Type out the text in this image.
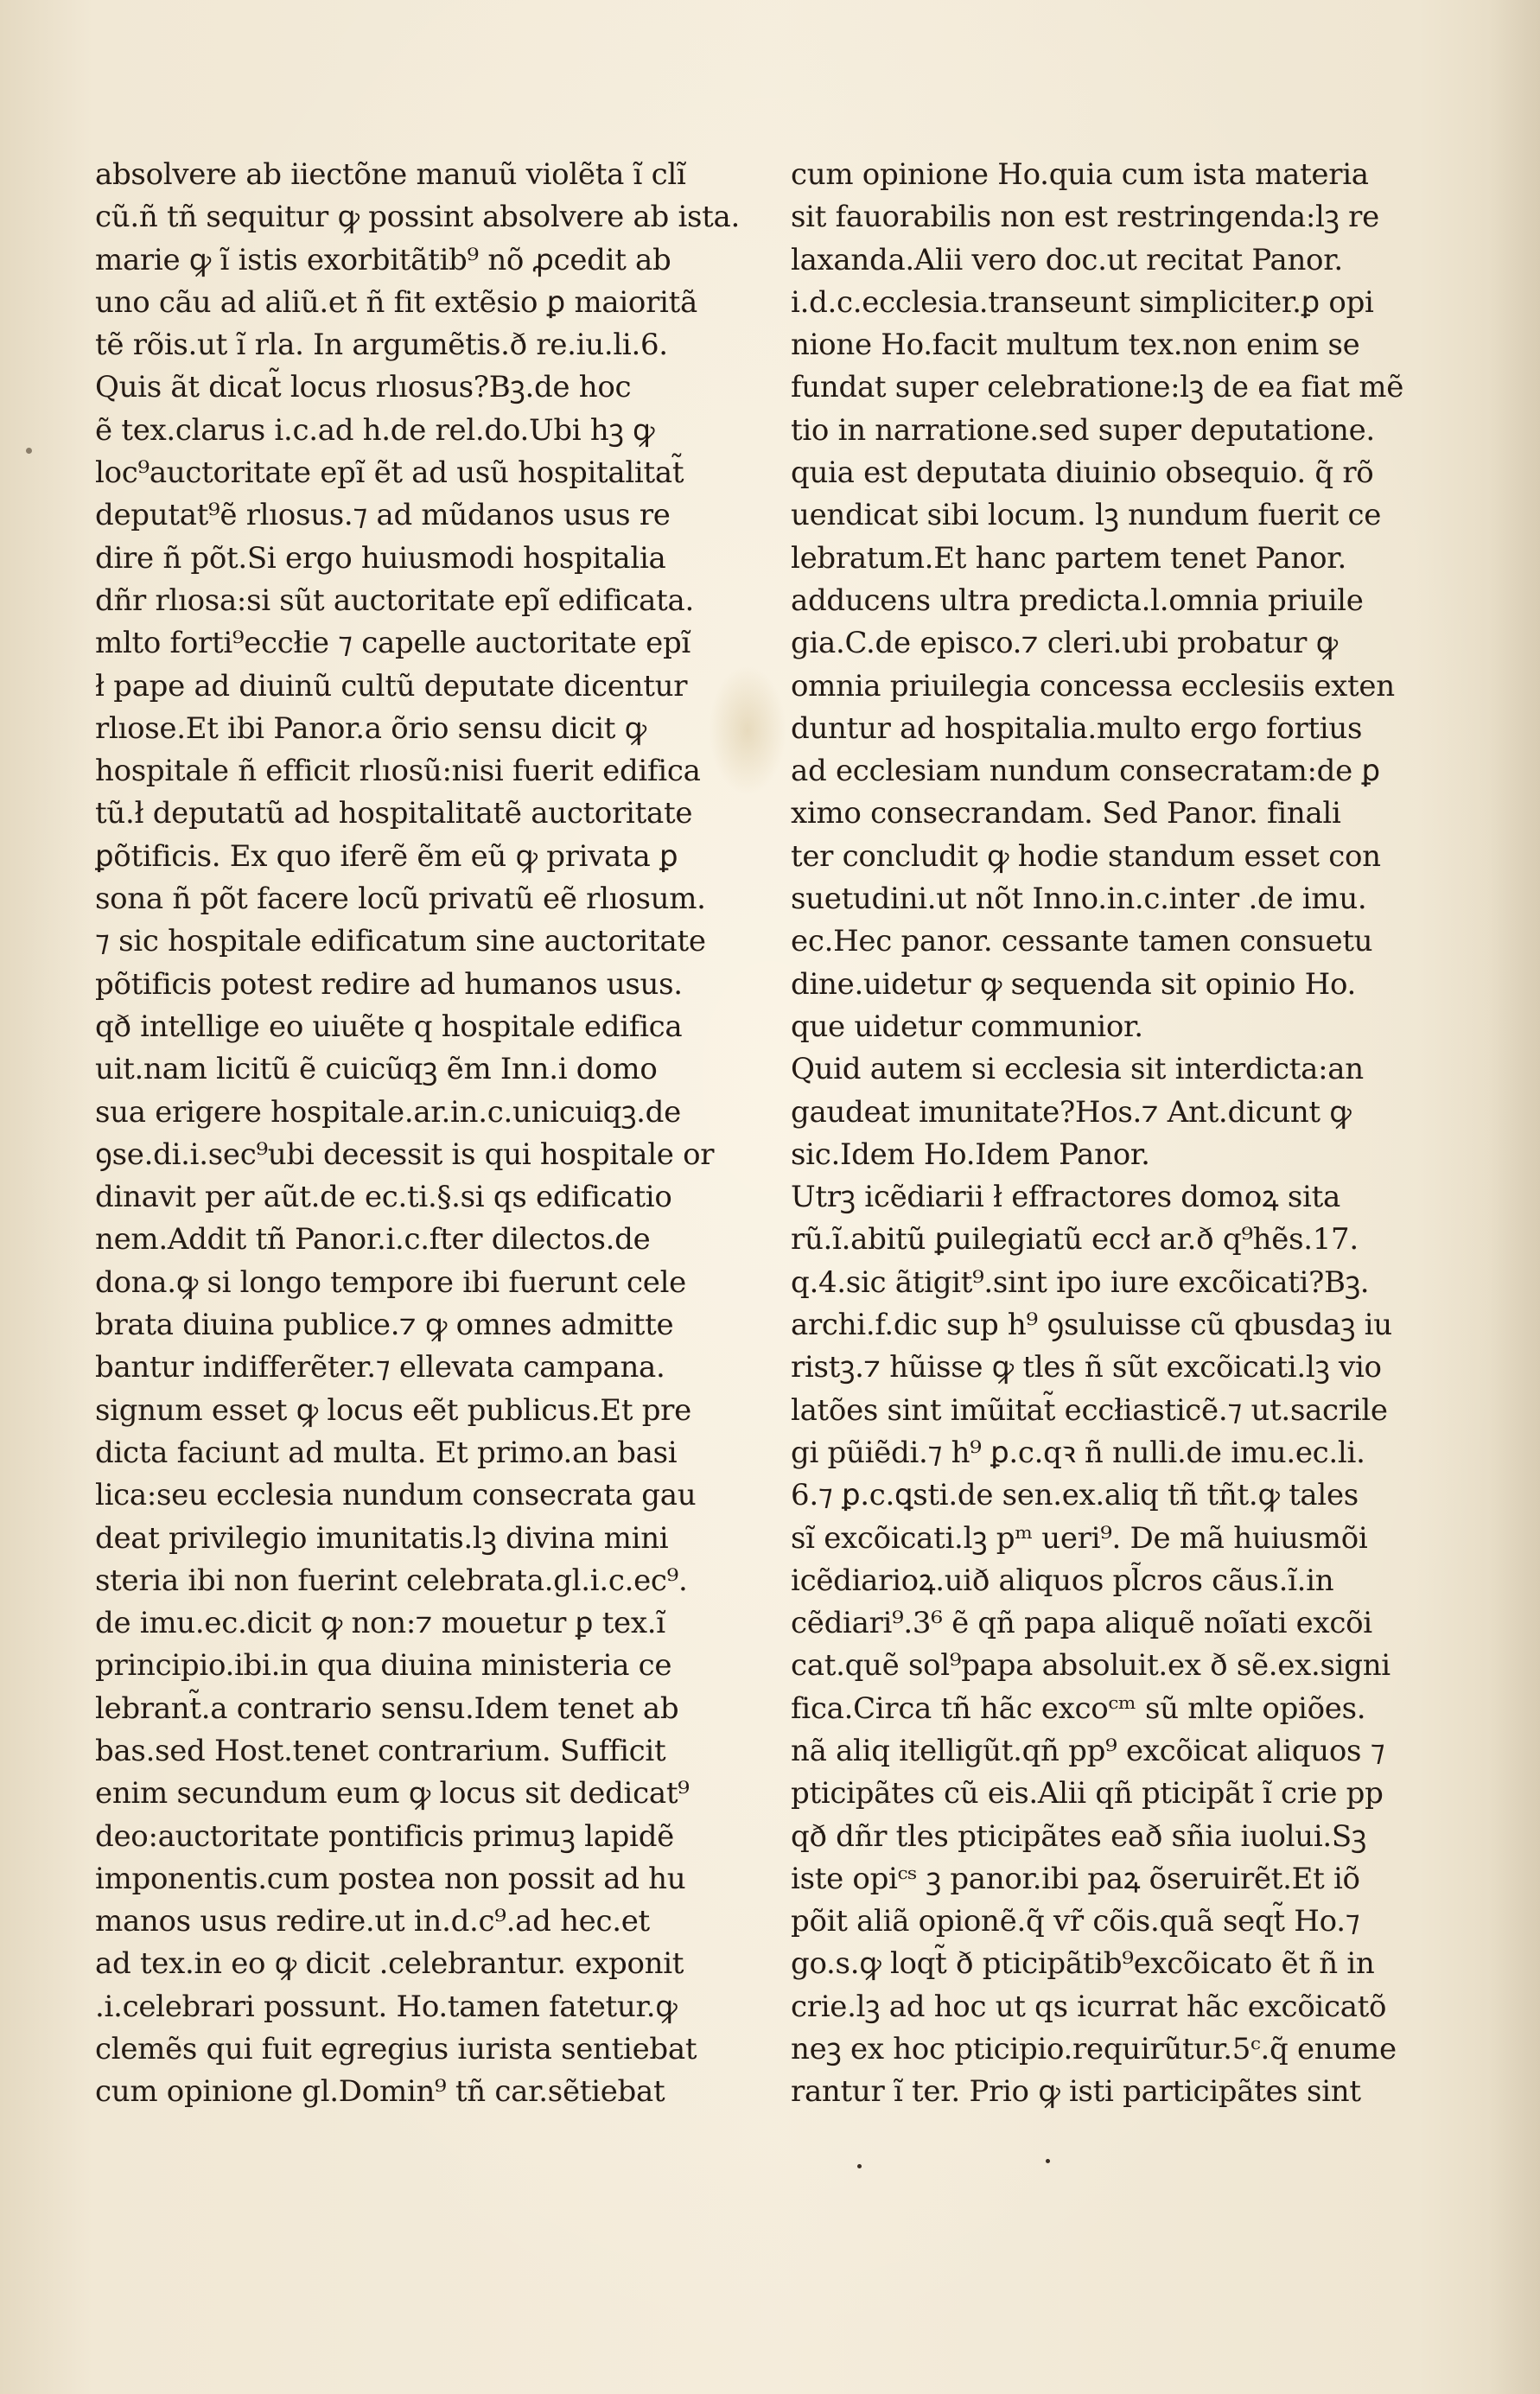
absolvere ab iiectõne manuũ violẽta ĩ clĩ
cũ.ñ tñ sequitur ꝙ possint absolvere ab ista.
marie ꝙ ĩ istis exorbitãtib⁹ nõ ꝓcedit ab
uno cãu ad aliũ.et ñ fit extẽsio ꝑ maioritã
tẽ rõis.ut ĩ rla. In argumẽtis.ð re.iu.li.6.
Quis ãt dicat̃ locus rlıosus?Bꝫ.de hoc
ẽ tex.clarus i.c.ad h.de rel.do.Ubi hꝫ ꝙ
loc⁹auctoritate epĩ ẽt ad usũ hospitalitat̃
deputat⁹ẽ rlıosus.⁊ ad mũdanos usus re
dire ñ põt.Si ergo huiusmodi hospitalia
dñr rlıosa:si sũt auctoritate epĩ edificata.
mlto forti⁹eccłie ⁊ capelle auctoritate epĩ
ł pape ad diuinũ cultũ deputate dicentur
rlıose.Et ibi Panor.a õrio sensu dicit ꝙ
hospitale ñ efficit rlıosũ:nisi fuerit edifica
tũ.ł deputatũ ad hospitalitatẽ auctoritate
ꝑõtificis. Ex quo iferẽ ẽm eũ ꝙ privata ꝑ
sona ñ põt facere locũ privatũ eẽ rlıosum.
⁊ sic hospitale edificatum sine auctoritate
põtificis potest redire ad humanos usus.
qð intellige eo uiuẽte q hospitale edifica
uit.nam licitũ ẽ cuicũqꝫ ẽm Inn.i domo
sua erigere hospitale.ar.in.c.unicuiqꝫ.de
ꝯse.di.i.sec⁹ubi decessit is qui hospitale or
dinavit per aũt.de ec.ti.§.si qs edificatio
nem.Addit tñ Panor.i.c.fter dilectos.de
dona.ꝙ si longo tempore ibi fuerunt cele
brata diuina publice.⁊ ꝙ omnes admitte
bantur indifferẽter.⁊ ellevata campana.
signum esset ꝙ locus eẽt publicus.Et pre
dicta faciunt ad multa. Et primo.an basi
lica:seu ecclesia nundum consecrata gau
deat privilegio imunitatis.lꝫ divina mini
steria ibi non fuerint celebrata.gl.i.c.ec⁹.
de imu.ec.dicit ꝙ non:⁊ mouetur ꝑ tex.ĩ
principio.ibi.in qua diuina ministeria ce
lebrant̃.a contrario sensu.Idem tenet ab
bas.sed Host.tenet contrarium. Sufficit
enim secundum eum ꝙ locus sit dedicat⁹
deo:auctoritate pontificis primuꝫ lapidẽ
imponentis.cum postea non possit ad hu
manos usus redire.ut in.d.c⁹.ad hec.et
ad tex.in eo ꝙ dicit .celebrantur. exponit
.i.celebrari possunt. Ho.tamen fatetur.ꝙ
clemẽs qui fuit egregius iurista sentiebat
cum opinione gl.Domin⁹ tñ car.sẽtiebat
cum opinione Ho.quia cum ista materia
sit fauorabilis non est restringenda:lꝫ re
laxanda.Alii vero doc.ut recitat Panor.
i.d.c.ecclesia.transeunt simpliciter.ꝑ opi
nione Ho.facit multum tex.non enim se
fundat super celebratione:lꝫ de ea fiat mẽ
tio in narratione.sed super deputatione.
quia est deputata diuinio obsequio. q̃ rõ
uendicat sibi locum. lꝫ nundum fuerit ce
lebratum.Et hanc partem tenet Panor.
adducens ultra predicta.l.omnia priuile
gia.C.de episco.⁊ cleri.ubi probatur ꝙ
omnia priuilegia concessa ecclesiis exten
duntur ad hospitalia.multo ergo fortius
ad ecclesiam nundum consecratam:de ꝑ
ximo consecrandam. Sed Panor. finali
ter concludit ꝙ hodie standum esset con
suetudini.ut nõt Inno.in.c.inter .de imu.
ec.Hec panor. cessante tamen consuetu
dine.uidetur ꝙ sequenda sit opinio Ho.
que uidetur communior.
Quid autem si ecclesia sit interdicta:an
gaudeat imunitate?Hos.⁊ Ant.dicunt ꝙ
sic.Idem Ho.Idem Panor.
Utrꝫ icẽdiarii ł effractores domoꝝ sita
rũ.ĩ.abitũ ꝑuilegiatũ eccł ar.ð q⁹hẽs.17.
q.4.sic ãtigit⁹.sint ipo iure excõicati?Bꝫ.
archi.f.dic sup h⁹ ꝯsuluisse cũ qbusdaꝫ iu
ristꝫ.⁊ hũisse ꝙ tles ñ sũt excõicati.lꝫ vio
latões sint imũitat̃ eccłiasticẽ.⁊ ut.sacrile
gi pũiẽdi.⁊ h⁹ ꝑ.c.qꝛ ñ nulli.de imu.ec.li.
6.⁊ ꝑ.c.ꝗsti.de sen.ex.aliq tñ tñt.ꝙ tales
sĩ excõicati.lꝫ pᵐ ueri⁹. De mã huiusmõi
icẽdiarioꝝ.uið aliquos pl̃cros cãus.ĩ.in
cẽdiari⁹.3⁶ ẽ qñ papa aliquẽ noĩati excõi
cat.quẽ sol⁹papa absoluit.ex ð sẽ.ex.signi
fica.Circa tñ hãc excoᶜᵐ sũ mlte opiões.
nã aliq itelligũt.qñ pp⁹ excõicat aliquos ⁊
pticipãtes cũ eis.Alii qñ pticipãt ĩ crie pp
qð dñr tles pticipãtes eað sñia iuolui.Sꝫ
iste opiᶜˢ ꝫ panor.ibi paꝝ õseruirẽt.Et iõ
põit aliã opionẽ.q̃ vr̃ cõis.quã seqt̃ Ho.⁊
go.s.ꝙ loqt̃ ð pticipãtib⁹excõicato ẽt ñ in
crie.lꝫ ad hoc ut qs icurrat hãc excõicatõ
neꝫ ex hoc pticipio.requirũtur.5ᶜ.q̃ enume
rantur ĩ ter. Prio ꝙ isti participãtes sint
